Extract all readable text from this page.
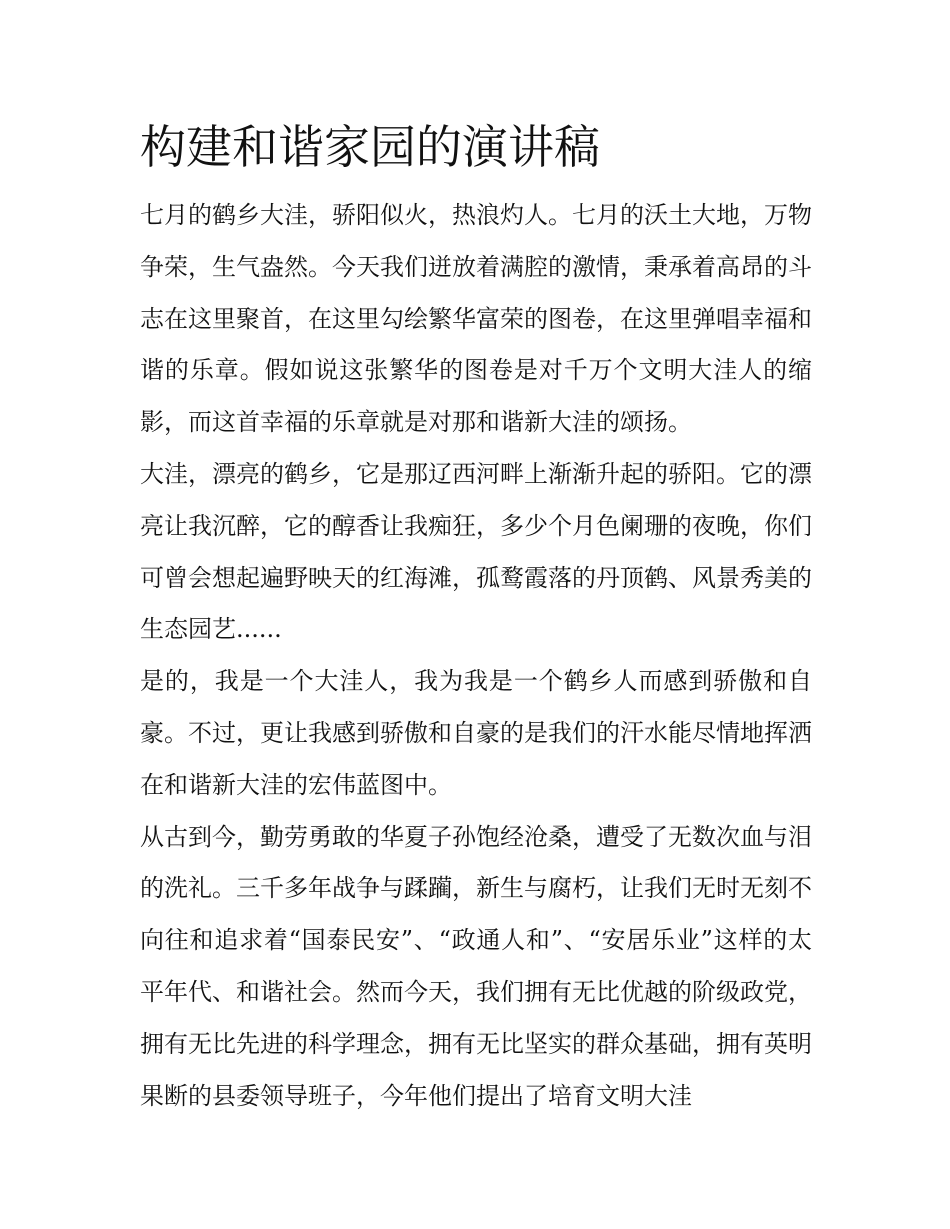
构建和谐家园的演讲稿

七月的鹤乡大洼，骄阳似火，热浪灼人。七月的沃土大地，万物争荣，生气盎然。今天我们迸放着满腔的激情，秉承着高昂的斗志在这里聚首，在这里勾绘繁华富荣的图卷，在这里弹唱幸福和谐的乐章。假如说这张繁华的图卷是对千万个文明大洼人的缩影，而这首幸福的乐章就是对那和谐新大洼的颂扬。

大洼，漂亮的鹤乡，它是那辽西河畔上渐渐升起的骄阳。它的漂亮让我沉醉，它的醇香让我痴狂，多少个月色阑珊的夜晚，你们可曾会想起遍野映天的红海滩，孤鹜霞落的丹顶鹤、风景秀美的生态园艺......

是的，我是一个大洼人，我为我是一个鹤乡人而感到骄傲和自豪。不过，更让我感到骄傲和自豪的是我们的汗水能尽情地挥洒在和谐新大洼的宏伟蓝图中。

从古到今，勤劳勇敢的华夏子孙饱经沧桑，遭受了无数次血与泪的洗礼。三千多年战争与蹂躏，新生与腐朽，让我们无时无刻不向往和追求着“国泰民安”、“政通人和”、“安居乐业”这样的太平年代、和谐社会。然而今天，我们拥有无比优越的阶级政党，拥有无比先进的科学理念，拥有无比坚实的群众基础，拥有英明果断的县委领导班子，今年他们提出了培育文明大洼
